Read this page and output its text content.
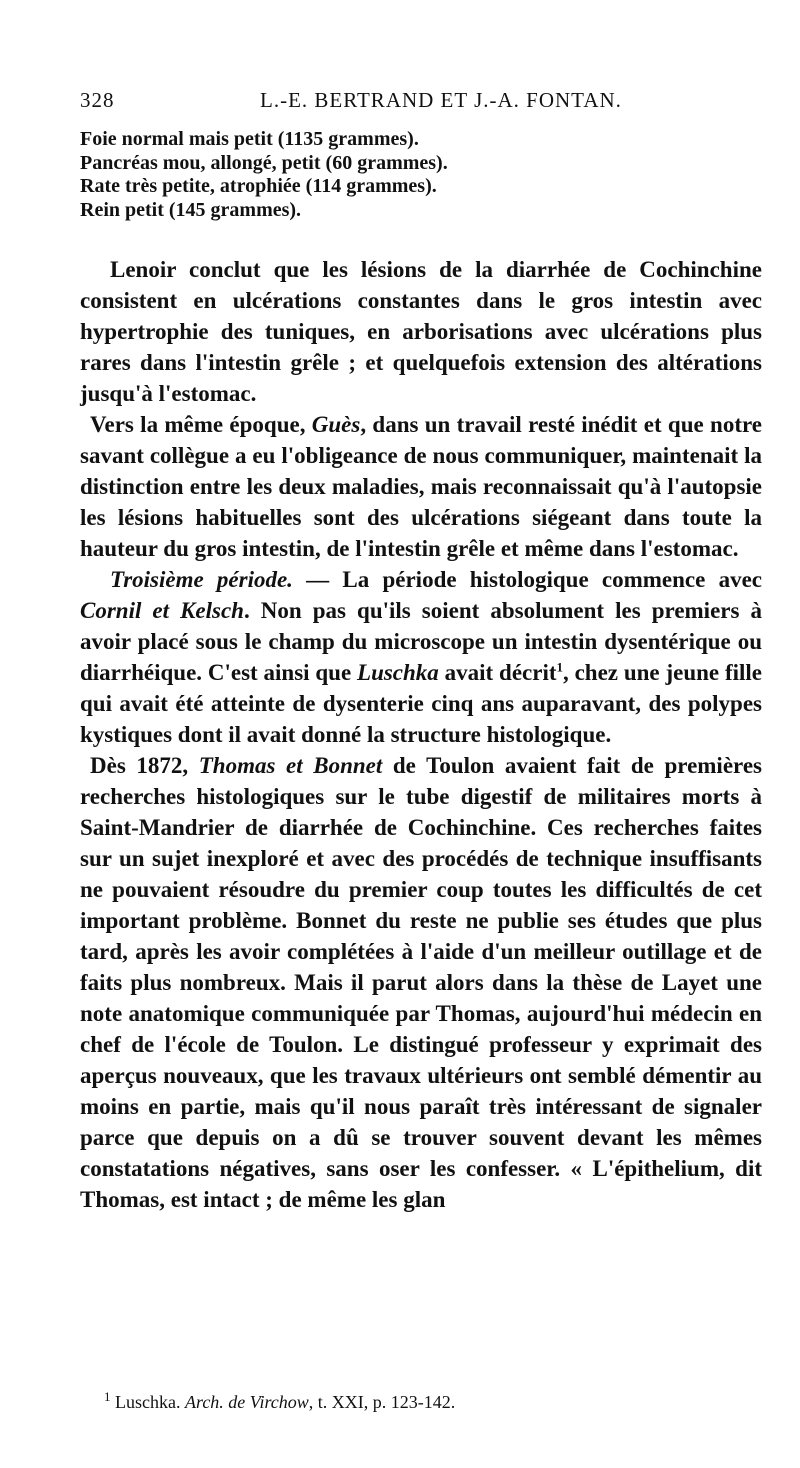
328	L.-E. BERTRAND ET J.-A. FONTAN.
Foie normal mais petit (1135 grammes).
Pancréas mou, allongé, petit (60 grammes).
Rate très petite, atrophiée (114 grammes).
Rein petit (145 grammes).

Lenoir conclut que les lésions de la diarrhée de Cochinchine consistent en ulcérations constantes dans le gros intestin avec hypertrophie des tuniques, en arborisations avec ulcérations plus rares dans l'intestin grêle ; et quelquefois extension des altérations jusqu'à l'estomac.

Vers la même époque, Guès, dans un travail resté inédit et que notre savant collègue a eu l'obligeance de nous communiquer, maintenait la distinction entre les deux maladies, mais reconnaissait qu'à l'autopsie les lésions habituelles sont des ulcérations siégeant dans toute la hauteur du gros intestin, de l'intestin grêle et même dans l'estomac.

Troisième période. — La période histologique commence avec Cornil et Kelsch. Non pas qu'ils soient absolument les premiers à avoir placé sous le champ du microscope un intestin dysentérique ou diarrhéique. C'est ainsi que Luschka avait décrit$^1$, chez une jeune fille qui avait été atteinte de dysenterie cinq ans auparavant, des polypes kystiques dont il avait donné la structure histologique.

Dès 1872, Thomas et Bonnet de Toulon avaient fait de premières recherches histologiques sur le tube digestif de militaires morts à Saint-Mandrier de diarrhée de Cochinchine. Ces recherches faites sur un sujet inexploré et avec des procédés de technique insuffisants ne pouvaient résoudre du premier coup toutes les difficultés de cet important problème. Bonnet du reste ne publie ses études que plus tard, après les avoir complétées à l'aide d'un meilleur outillage et de faits plus nombreux. Mais il parut alors dans la thèse de Layet une note anatomique communiquée par Thomas, aujourd'hui médecin en chef de l'école de Toulon. Le distingué professeur y exprimait des aperçus nouveaux, que les travaux ultérieurs ont semblé démentir au moins en partie, mais qu'il nous paraît très intéressant de signaler parce que depuis on a dû se trouver souvent devant les mêmes constatations négatives, sans oser les confesser. « L'épithelium, dit Thomas, est intact ; de même les glan

$^1$ Luschka. Arch. de Virchow, t. XXI, p. 123-142.
